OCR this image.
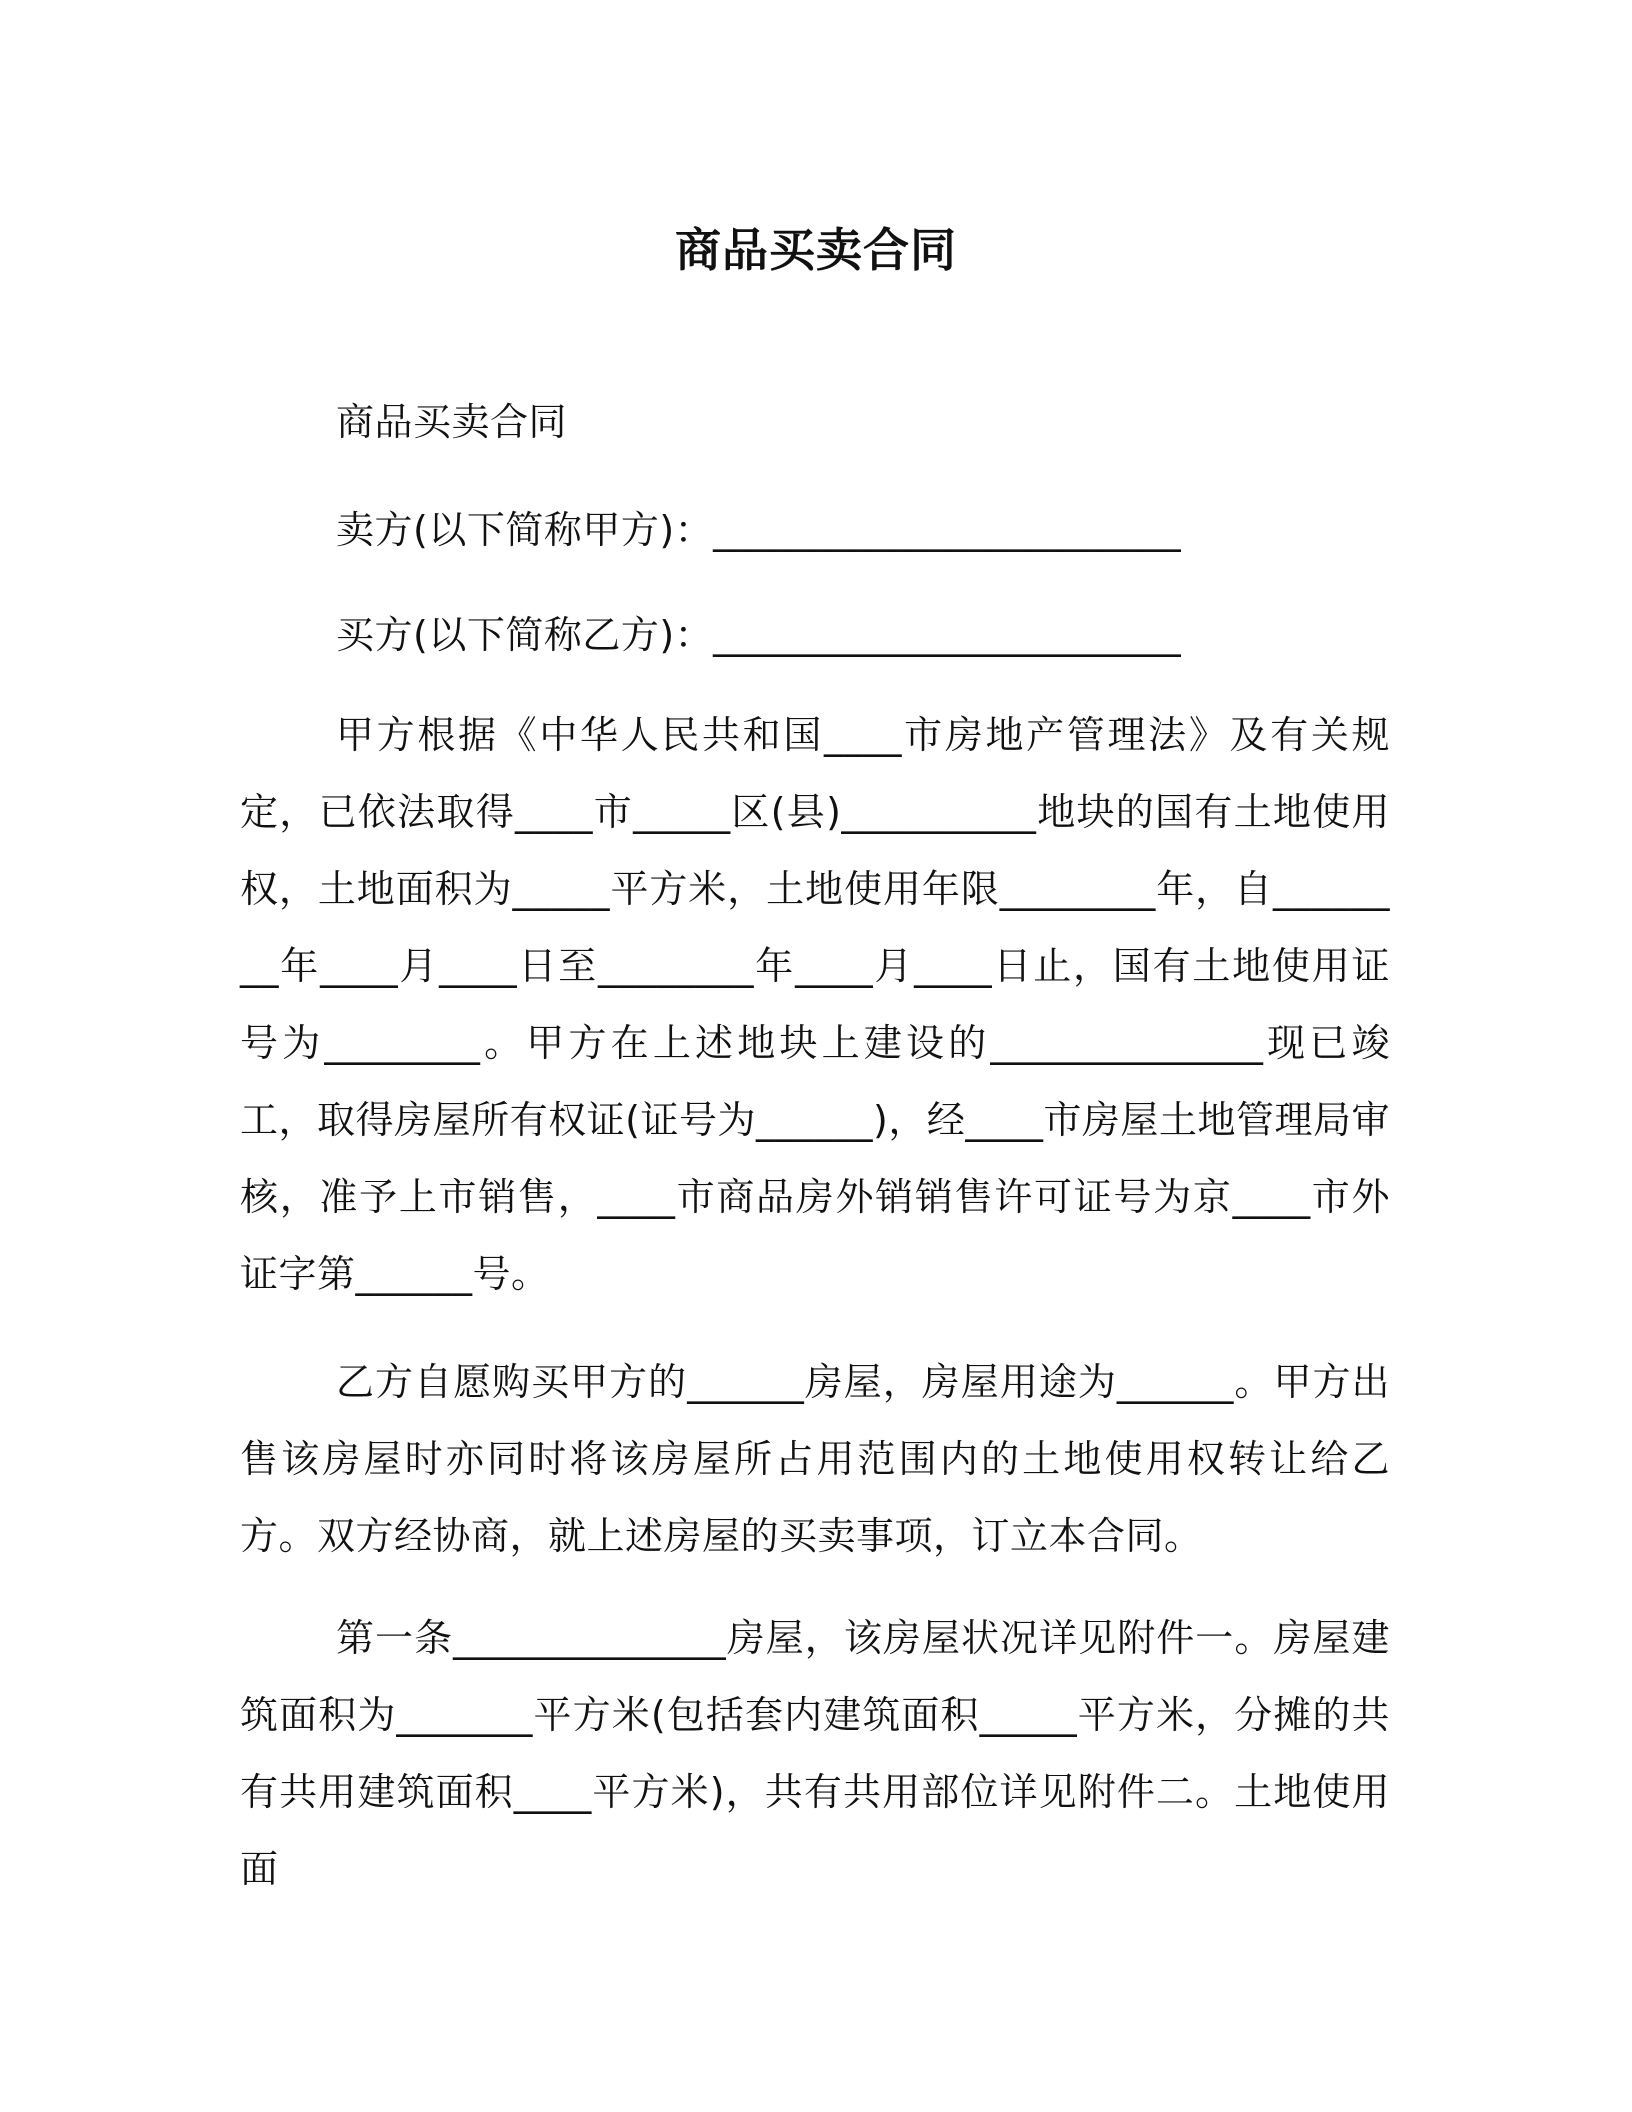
商品买卖合同

商品买卖合同

卖方(以下简称甲方)：________________________

买方(以下简称乙方)：________________________

甲方根据《中华人民共和国____市房地产管理法》及有关规定，已依法取得____市_____区(县)__________地块的国有土地使用权，土地面积为_____平方米，土地使用年限________年，自________年____月____日至________年____月____日止，国有土地使用证号为________。甲方在上述地块上建设的______________现已竣工，取得房屋所有权证(证号为______)，经____市房屋土地管理局审核，准予上市销售，____市商品房外销销售许可证号为京____市外证字第______号。

乙方自愿购买甲方的______房屋，房屋用途为______。甲方出售该房屋时亦同时将该房屋所占用范围内的土地使用权转让给乙方。双方经协商，就上述房屋的买卖事项，订立本合同。

第一条______________房屋，该房屋状况详见附件一。房屋建筑面积为_______平方米(包括套内建筑面积_____平方米，分摊的共有共用建筑面积____平方米)，共有共用部位详见附件二。土地使用面
